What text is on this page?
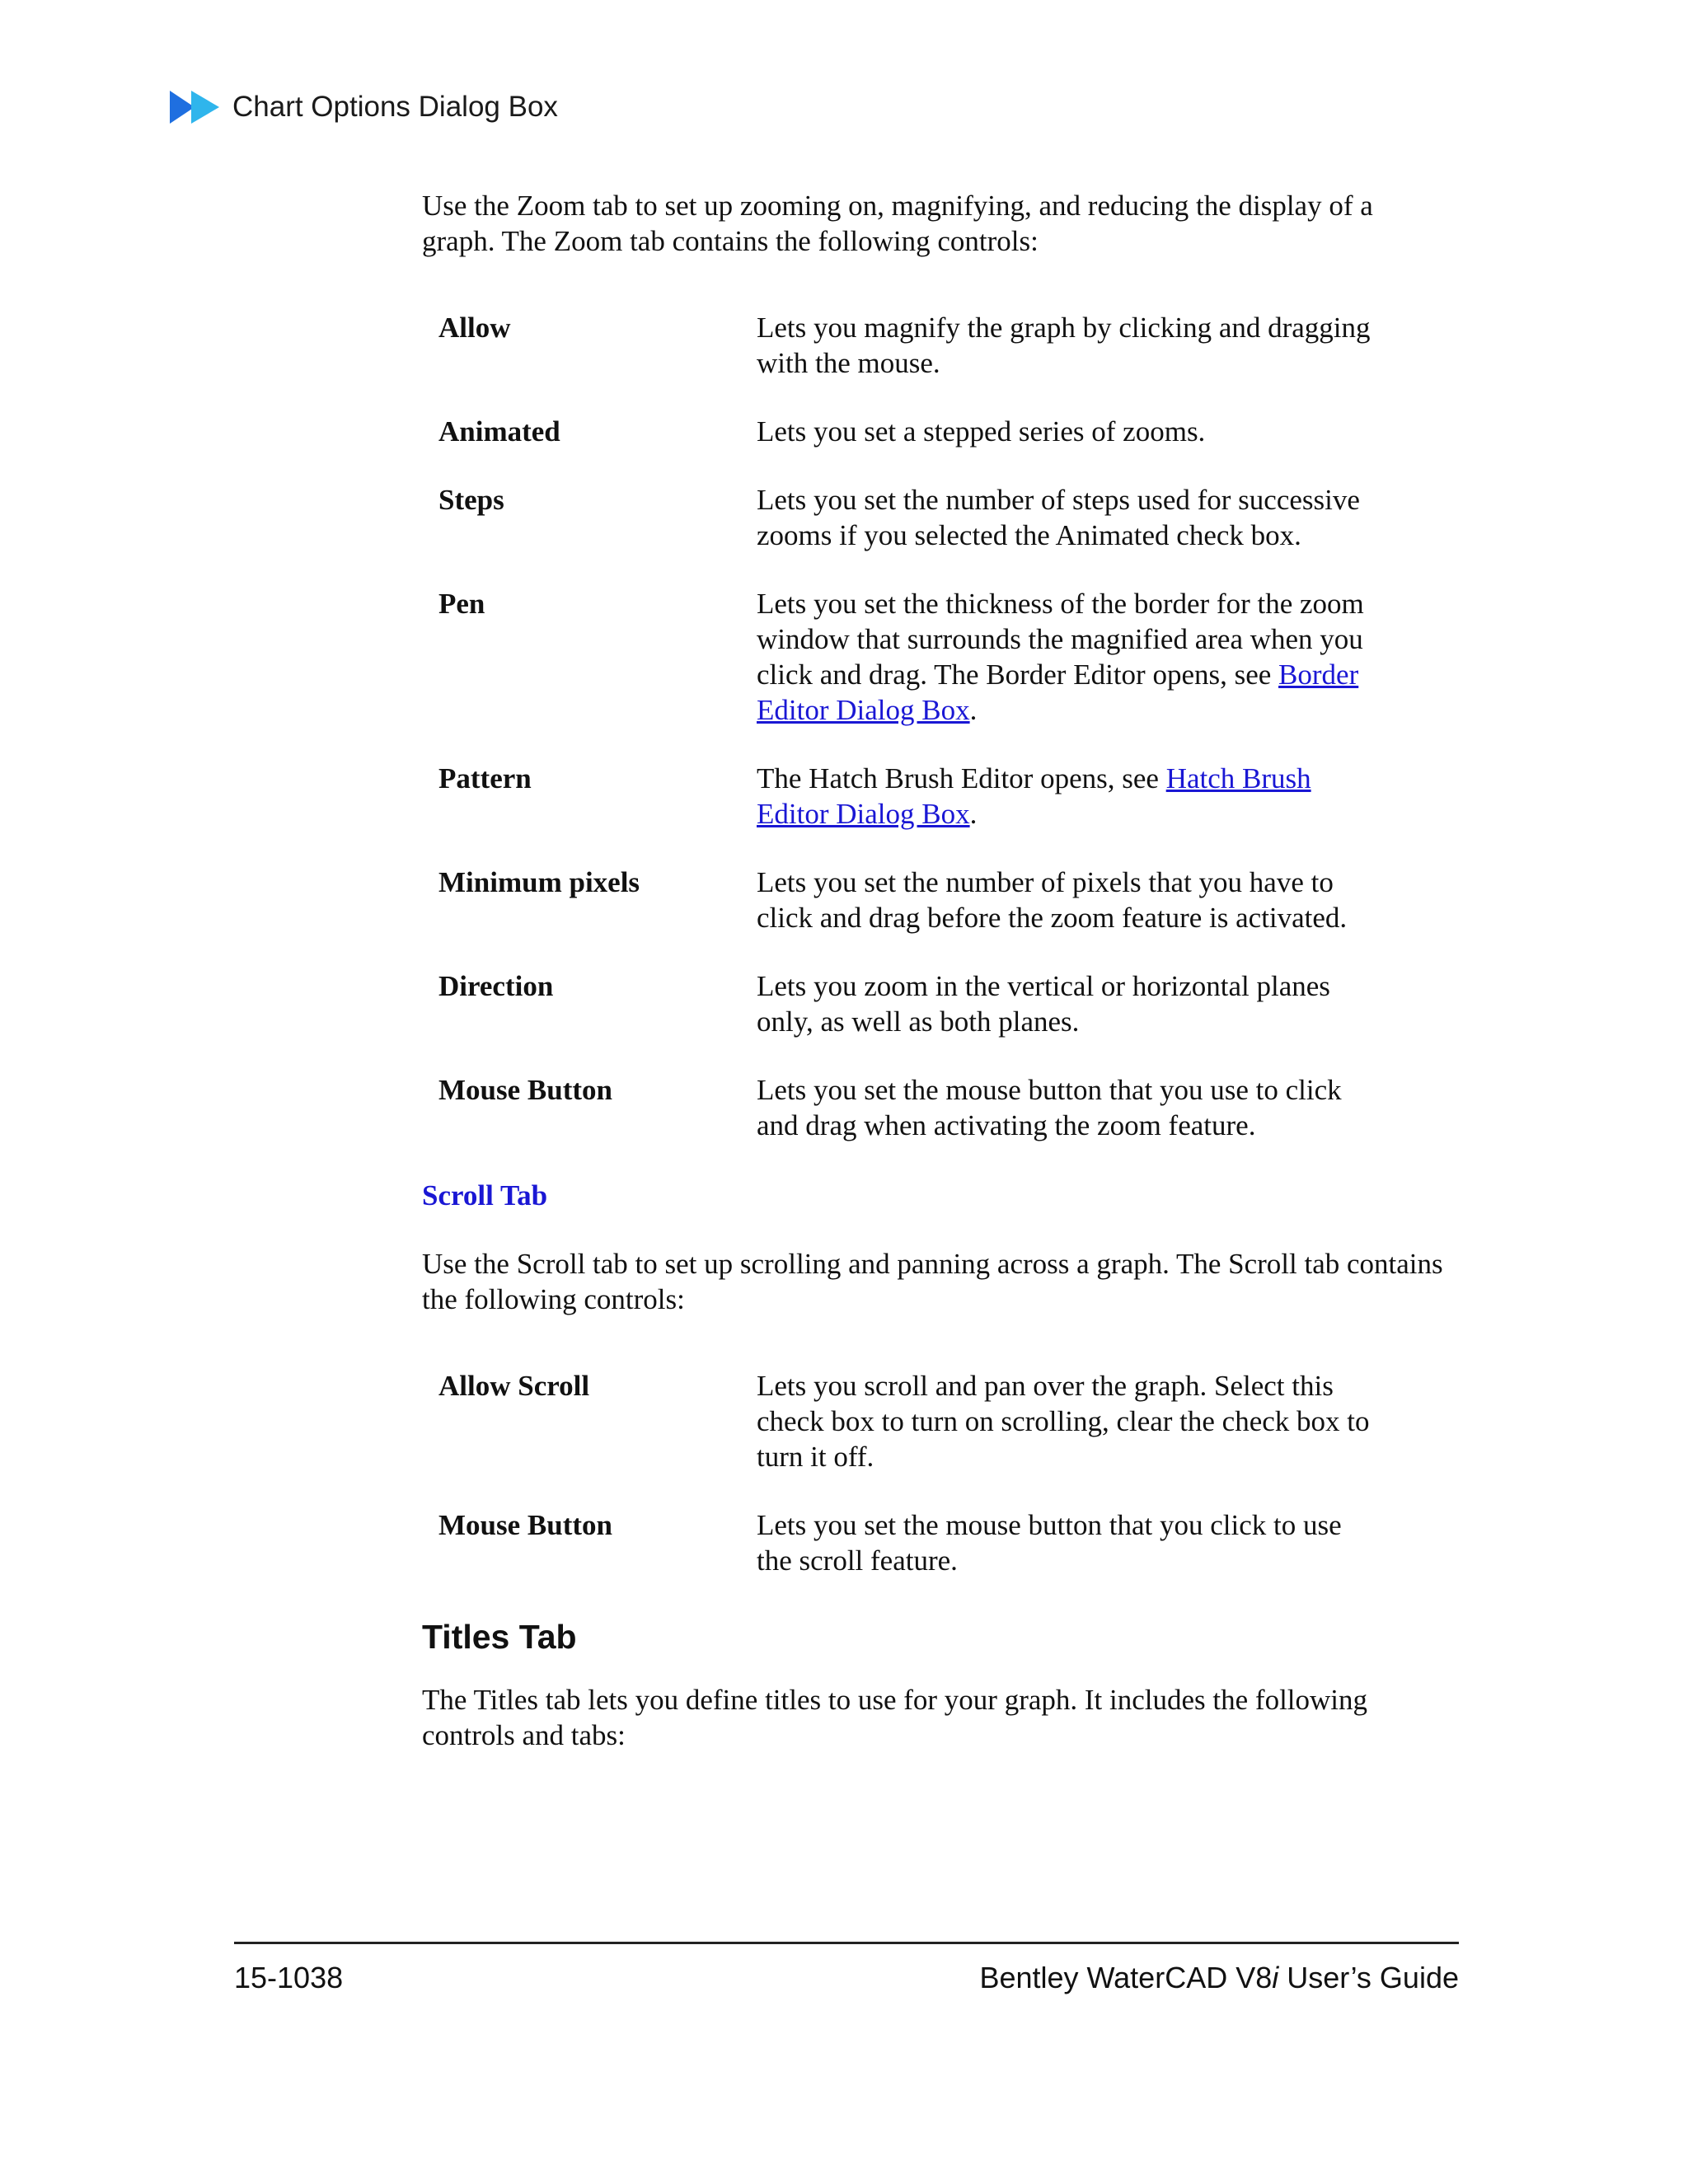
Chart Options Dialog Box

Use the Zoom tab to set up zooming on, magnifying, and reducing the display of a graph. The Zoom tab contains the following controls:

Allow	Lets you magnify the graph by clicking and dragging with the mouse.
Animated	Lets you set a stepped series of zooms.
Steps	Lets you set the number of steps used for successive zooms if you selected the Animated check box.
Pen	Lets you set the thickness of the border for the zoom window that surrounds the magnified area when you click and drag. The Border Editor opens, see Border Editor Dialog Box.
Pattern	The Hatch Brush Editor opens, see Hatch Brush Editor Dialog Box.
Minimum pixels	Lets you set the number of pixels that you have to click and drag before the zoom feature is activated.
Direction	Lets you zoom in the vertical or horizontal planes only, as well as both planes.
Mouse Button	Lets you set the mouse button that you use to click and drag when activating the zoom feature.

Scroll Tab

Use the Scroll tab to set up scrolling and panning across a graph. The Scroll tab contains the following controls:

Allow Scroll	Lets you scroll and pan over the graph. Select this check box to turn on scrolling, clear the check box to turn it off.
Mouse Button	Lets you set the mouse button that you click to use the scroll feature.

Titles Tab

The Titles tab lets you define titles to use for your graph. It includes the following controls and tabs:

15-1038	Bentley WaterCAD V8i User’s Guide
